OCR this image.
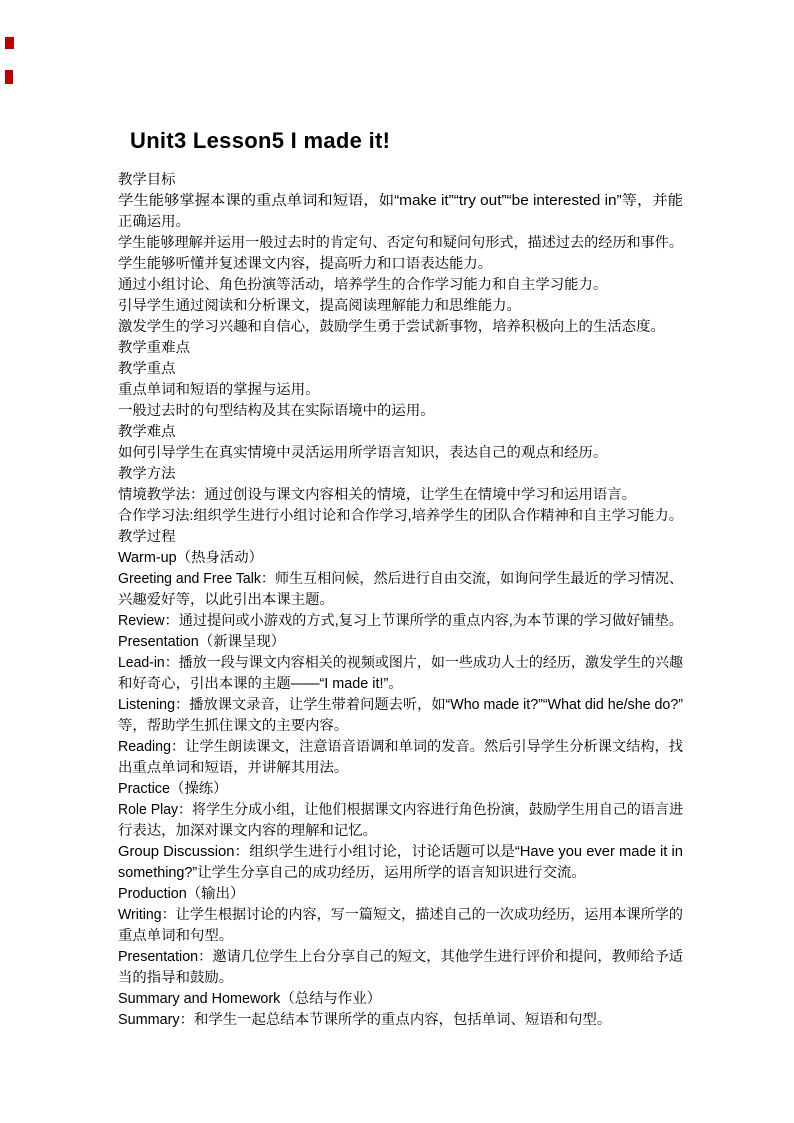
Unit3 Lesson5 I made it!
教学目标
学生能够掌握本课的重点单词和短语，如“make it”“try out”“be interested in”等，并能
正确运用。
学生能够理解并运用一般过去时的肯定句、否定句和疑问句形式，描述过去的经历和事件。
学生能够听懂并复述课文内容，提高听力和口语表达能力。
通过小组讨论、角色扮演等活动，培养学生的合作学习能力和自主学习能力。
引导学生通过阅读和分析课文，提高阅读理解能力和思维能力。
激发学生的学习兴趣和自信心，鼓励学生勇于尝试新事物，培养积极向上的生活态度。
教学重难点
教学重点
重点单词和短语的掌握与运用。
一般过去时的句型结构及其在实际语境中的运用。
教学难点
如何引导学生在真实情境中灵活运用所学语言知识，表达自己的观点和经历。
教学方法
情境教学法：通过创设与课文内容相关的情境，让学生在情境中学习和运用语言。
合作学习法:组织学生进行小组讨论和合作学习,培养学生的团队合作精神和自主学习能力。
教学过程
Warm-up（热身活动）
Greeting and Free Talk：师生互相问候，然后进行自由交流，如询问学生最近的学习情况、
兴趣爱好等，以此引出本课主题。
Review：通过提问或小游戏的方式,复习上节课所学的重点内容,为本节课的学习做好铺垫。
Presentation（新课呈现）
Lead-in：播放一段与课文内容相关的视频或图片，如一些成功人士的经历，激发学生的兴趣
和好奇心，引出本课的主题——“I made it!”。
Listening：播放课文录音，让学生带着问题去听，如“Who made it?”“What did he/she do?”
等，帮助学生抓住课文的主要内容。
Reading：让学生朗读课文，注意语音语调和单词的发音。然后引导学生分析课文结构，找
出重点单词和短语，并讲解其用法。
Practice（操练）
Role Play：将学生分成小组，让他们根据课文内容进行角色扮演，鼓励学生用自己的语言进
行表达，加深对课文内容的理解和记忆。
Group Discussion：组织学生进行小组讨论，讨论话题可以是“Have you ever made it in
something?”让学生分享自己的成功经历，运用所学的语言知识进行交流。
Production（输出）
Writing：让学生根据讨论的内容，写一篇短文，描述自己的一次成功经历，运用本课所学的
重点单词和句型。
Presentation：邀请几位学生上台分享自己的短文，其他学生进行评价和提问，教师给予适
当的指导和鼓励。
Summary and Homework（总结与作业）
Summary：和学生一起总结本节课所学的重点内容，包括单词、短语和句型。
